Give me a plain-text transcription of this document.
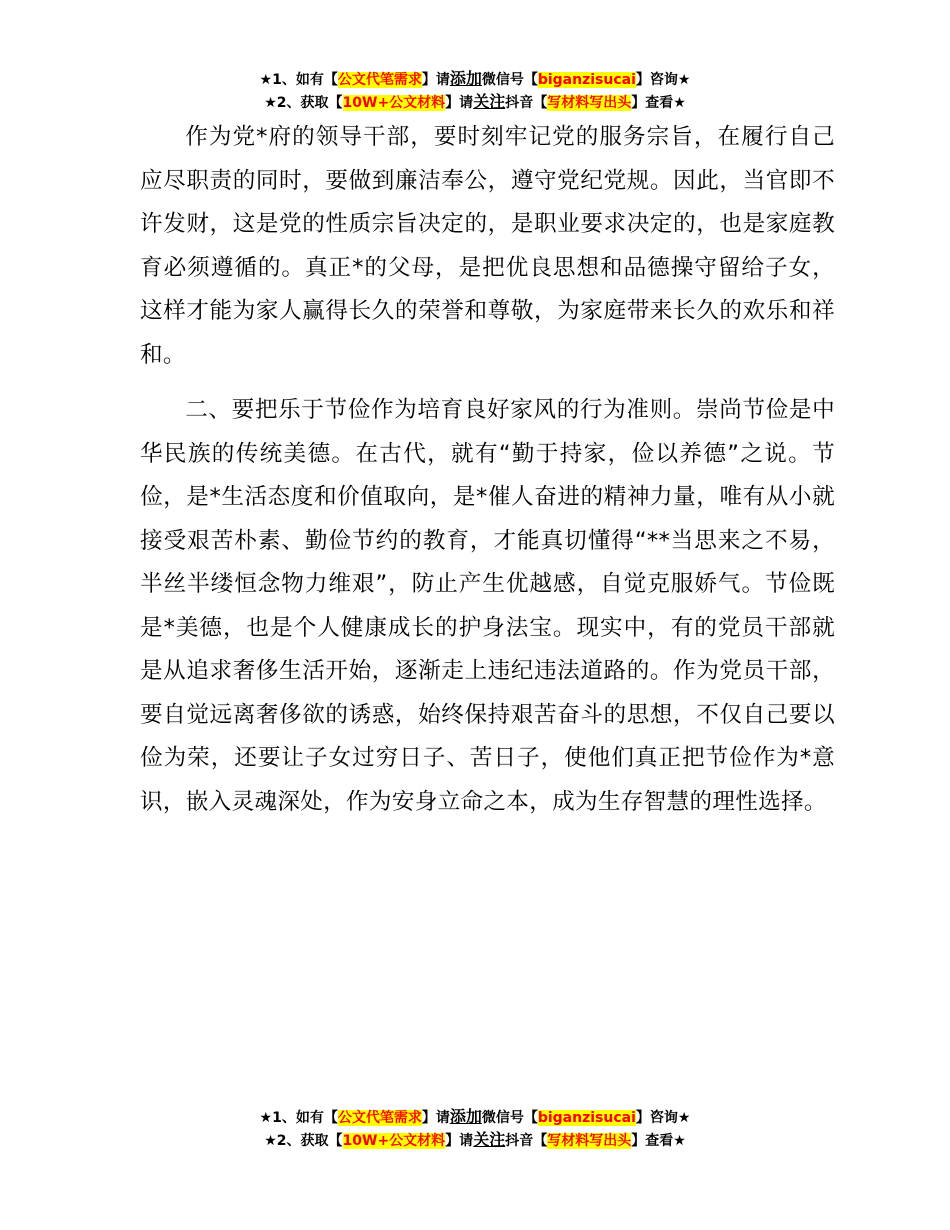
★1、如有【公文代笔需求】请添加微信号【biganzisucai】咨询★
★2、获取【10W+公文材料】请关注抖音【写材料写出头】查看★

作为党*府的领导干部，要时刻牢记党的服务宗旨，在履行自己应尽职责的同时，要做到廉洁奉公，遵守党纪党规。因此，当官即不许发财，这是党的性质宗旨决定的，是职业要求决定的，也是家庭教育必须遵循的。真正*的父母，是把优良思想和品德操守留给子女，这样才能为家人赢得长久的荣誉和尊敬，为家庭带来长久的欢乐和祥和。

二、要把乐于节俭作为培育良好家风的行为准则。崇尚节俭是中华民族的传统美德。在古代，就有“勤于持家，俭以养德”之说。节俭，是*生活态度和价值取向，是*催人奋进的精神力量，唯有从小就接受艰苦朴素、勤俭节约的教育，才能真切懂得“**当思来之不易，半丝半缕恒念物力维艰”，防止产生优越感，自觉克服娇气。节俭既是*美德，也是个人健康成长的护身法宝。现实中，有的党员干部就是从追求奢侈生活开始，逐渐走上违纪违法道路的。作为党员干部，要自觉远离奢侈欲的诱惑，始终保持艰苦奋斗的思想，不仅自己要以俭为荣，还要让子女过穷日子、苦日子，使他们真正把节俭作为*意识，嵌入灵魂深处，作为安身立命之本，成为生存智慧的理性选择。

★1、如有【公文代笔需求】请添加微信号【biganzisucai】咨询★
★2、获取【10W+公文材料】请关注抖音【写材料写出头】查看★
